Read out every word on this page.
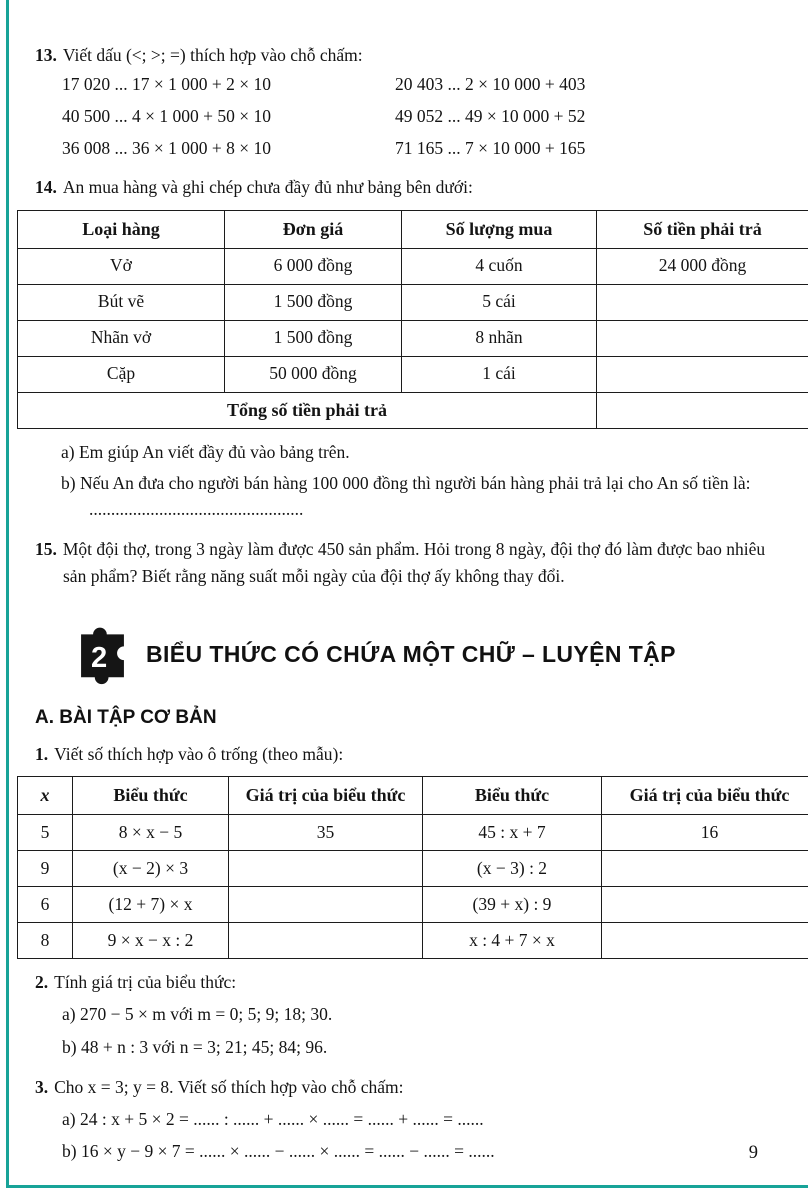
13. Viết dấu (<; >; =) thích hợp vào chỗ chấm:

17 020 ... 17 × 1 000 + 2 × 10	20 403 ... 2 × 10 000 + 403
40 500 ... 4 × 1 000 + 50 × 10	49 052 ... 49 × 10 000 + 52
36 008 ... 36 × 1 000 + 8 × 10	71 165 ... 7 × 10 000 + 165

14. An mua hàng và ghi chép chưa đầy đủ như bảng bên dưới:

Loại hàng	Đơn giá	Số lượng mua	Số tiền phải trả
Vở	6 000 đồng	4 cuốn	24 000 đồng
Bút vẽ	1 500 đồng	5 cái	
Nhãn vở	1 500 đồng	8 nhãn	
Cặp	50 000 đồng	1 cái	
Tổng số tiền phải trả			

a) Em giúp An viết đầy đủ vào bảng trên.

b) Nếu An đưa cho người bán hàng 100 000 đồng thì người bán hàng phải trả lại cho An số tiền là: .................................................

15. Một đội thợ, trong 3 ngày làm được 450 sản phẩm. Hỏi trong 8 ngày, đội thợ đó làm được bao nhiêu sản phẩm? Biết rằng năng suất mỗi ngày của đội thợ ấy không thay đổi.

2 BIỂU THỨC CÓ CHỨA MỘT CHỮ – LUYỆN TẬP
A. BÀI TẬP CƠ BẢN

1. Viết số thích hợp vào ô trống (theo mẫu):

x	Biểu thức	Giá trị của biểu thức	Biểu thức	Giá trị của biểu thức
5	8 × x − 5	35	45 : x + 7	16
9	(x − 2) × 3		(x − 3) : 2	
6	(12 + 7) × x		(39 + x) : 9	
8	9 × x − x : 2		x : 4 + 7 × x	

2. Tính giá trị của biểu thức:

a) 270 − 5 × m với m = 0; 5; 9; 18; 30.

b) 48 + n : 3 với n = 3; 21; 45; 84; 96.

3. Cho x = 3; y = 8. Viết số thích hợp vào chỗ chấm:

a) 24 : x + 5 × 2 = ...... : ...... + ...... × ...... = ...... + ...... = ......

b) 16 × y − 9 × 7 = ...... × ...... − ...... × ...... = ...... − ...... = ......	9
